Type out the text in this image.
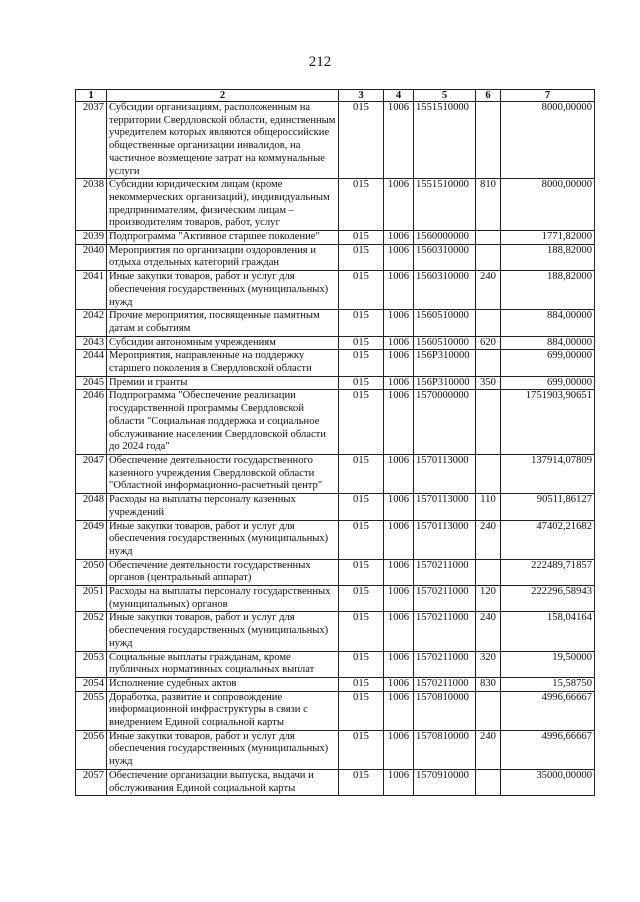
212
1	2	3	4	5	6	7
2037	Субсидии организациям, расположенным на территории Свердловской области, единственным учредителем которых являются общероссийские общественные организации инвалидов, на частичное возмещение затрат на коммунальные услуги	015	1006	1551510000		8000,00000
2038	Субсидии юридическим лицам (кроме некоммерческих организаций), индивидуальным предпринимателям, физическим лицам – производителям товаров, работ, услуг	015	1006	1551510000	810	8000,00000
2039	Подпрограмма "Активное старшее поколение"	015	1006	1560000000		1771,82000
2040	Мероприятия по организации оздоровления и отдыха отдельных категорий граждан	015	1006	1560310000		188,82000
2041	Иные закупки товаров, работ и услуг для обеспечения государственных (муниципальных) нужд	015	1006	1560310000	240	188,82000
2042	Прочие мероприятия, посвященные памятным датам и событиям	015	1006	1560510000		884,00000
2043	Субсидии автономным учреждениям	015	1006	1560510000	620	884,00000
2044	Мероприятия, направленные на поддержку старшего поколения в Свердловской области	015	1006	156P310000		699,00000
2045	Премии и гранты	015	1006	156P310000	350	699,00000
2046	Подпрограмма "Обеспечение реализации государственной программы Свердловской области "Социальная поддержка и социальное обслуживание населения Свердловской области до 2024 года"	015	1006	1570000000		1751903,90651
2047	Обеспечение деятельности государственного казенного учреждения Свердловской области "Областной информационно-расчетный центр"	015	1006	1570113000		137914,07809
2048	Расходы на выплаты персоналу казенных учреждений	015	1006	1570113000	110	90511,86127
2049	Иные закупки товаров, работ и услуг для обеспечения государственных (муниципальных) нужд	015	1006	1570113000	240	47402,21682
2050	Обеспечение деятельности государственных органов (центральный аппарат)	015	1006	1570211000		222489,71857
2051	Расходы на выплаты персоналу государственных (муниципальных) органов	015	1006	1570211000	120	222296,58943
2052	Иные закупки товаров, работ и услуг для обеспечения государственных (муниципальных) нужд	015	1006	1570211000	240	158,04164
2053	Социальные выплаты гражданам, кроме публичных нормативных социальных выплат	015	1006	1570211000	320	19,50000
2054	Исполнение судебных актов	015	1006	1570211000	830	15,58750
2055	Доработка, развитие и сопровождение информационной инфраструктуры в связи с внедрением Единой социальной карты	015	1006	1570810000		4996,66667
2056	Иные закупки товаров, работ и услуг для обеспечения государственных (муниципальных) нужд	015	1006	1570810000	240	4996,66667
2057	Обеспечение организации выпуска, выдачи и обслуживания Единой социальной карты	015	1006	1570910000		35000,00000
